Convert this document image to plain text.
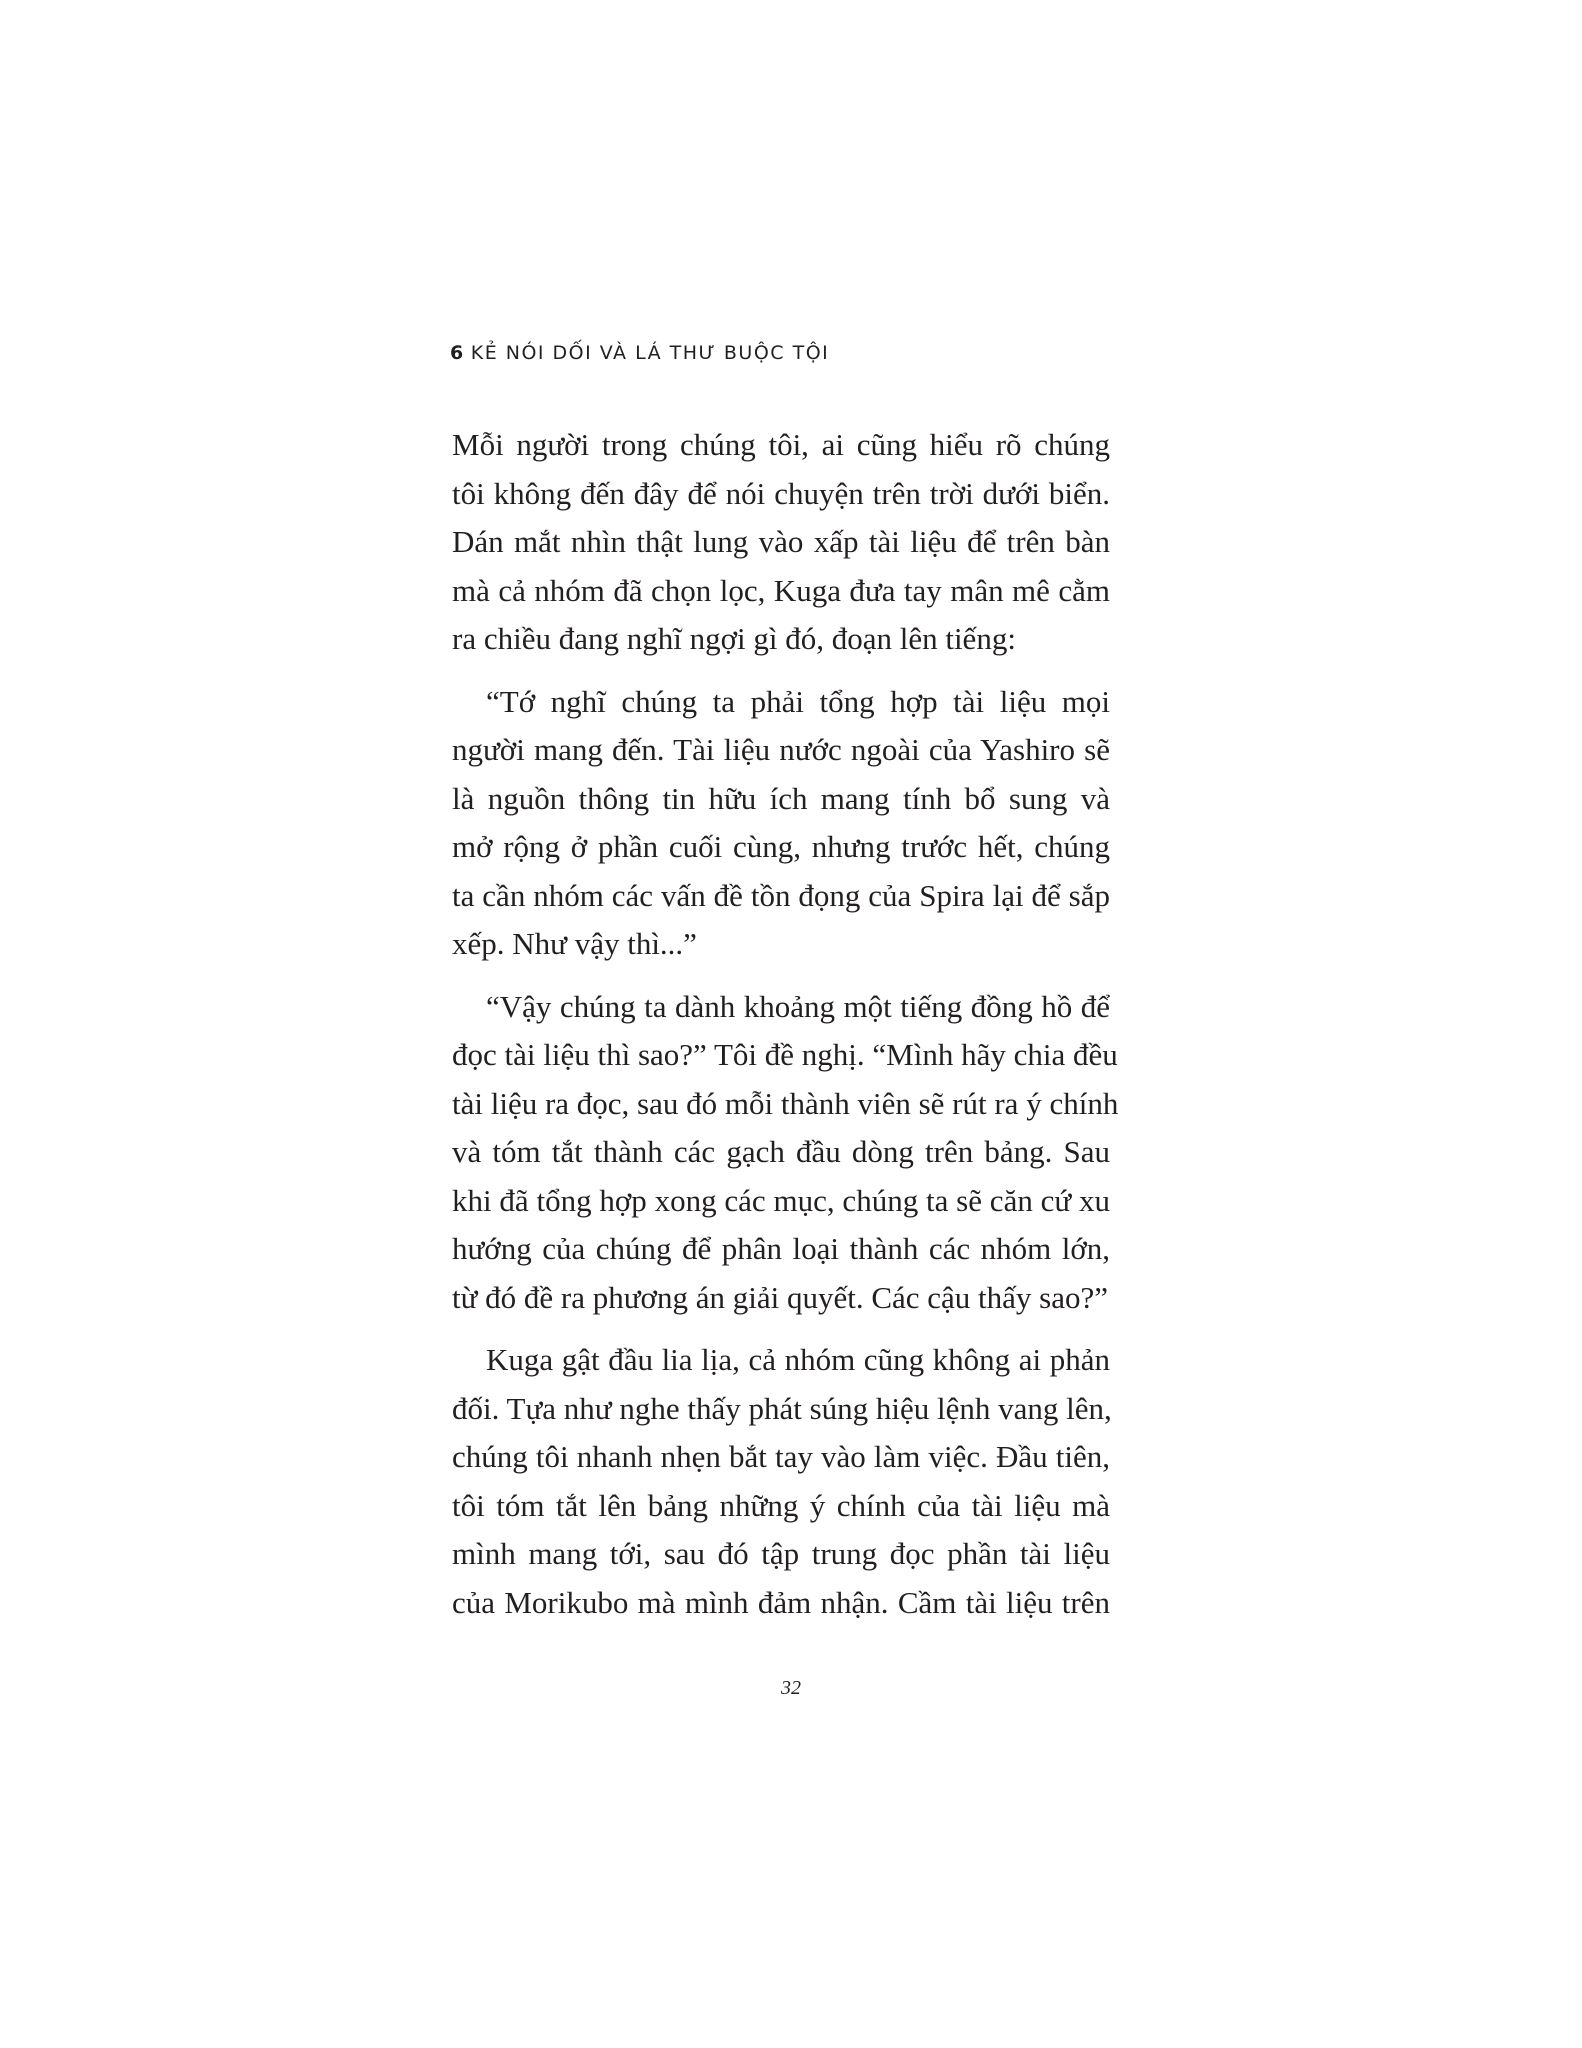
6 KẺ NÓI DỐI VÀ LÁ THƯ BUỘC TỘI
Mỗi người trong chúng tôi, ai cũng hiểu rõ chúng
tôi không đến đây để nói chuyện trên trời dưới biển.
Dán mắt nhìn thật lung vào xấp tài liệu để trên bàn
mà cả nhóm đã chọn lọc, Kuga đưa tay mân mê cằm
ra chiều đang nghĩ ngợi gì đó, đoạn lên tiếng:
“Tớ nghĩ chúng ta phải tổng hợp tài liệu mọi
người mang đến. Tài liệu nước ngoài của Yashiro sẽ
là nguồn thông tin hữu ích mang tính bổ sung và
mở rộng ở phần cuối cùng, nhưng trước hết, chúng
ta cần nhóm các vấn đề tồn đọng của Spira lại để sắp
xếp. Như vậy thì...”
“Vậy chúng ta dành khoảng một tiếng đồng hồ để
đọc tài liệu thì sao?” Tôi đề nghị. “Mình hãy chia đều
tài liệu ra đọc, sau đó mỗi thành viên sẽ rút ra ý chính
và tóm tắt thành các gạch đầu dòng trên bảng. Sau
khi đã tổng hợp xong các mục, chúng ta sẽ căn cứ xu
hướng của chúng để phân loại thành các nhóm lớn,
từ đó đề ra phương án giải quyết. Các cậu thấy sao?”
Kuga gật đầu lia lịa, cả nhóm cũng không ai phản
đối. Tựa như nghe thấy phát súng hiệu lệnh vang lên,
chúng tôi nhanh nhẹn bắt tay vào làm việc. Đầu tiên,
tôi tóm tắt lên bảng những ý chính của tài liệu mà
mình mang tới, sau đó tập trung đọc phần tài liệu
của Morikubo mà mình đảm nhận. Cầm tài liệu trên
32
